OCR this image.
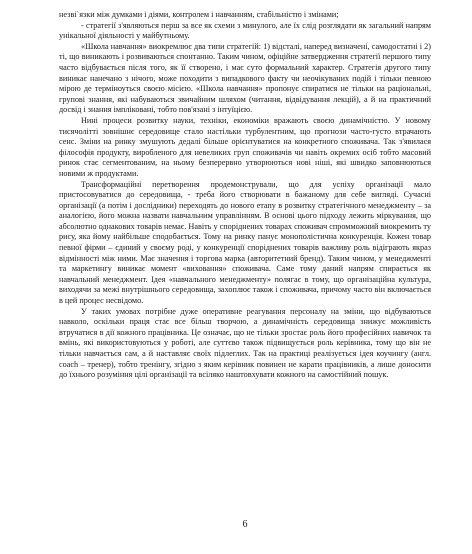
незві`язки між думками і діями, контролем і навчанням, стабільністю і змінами;

- стратегії з'являються перш за все як схеми з минулого, але їх слід розглядати як загальний напрям унікальної діяльності у майбутньому.

«Школа навчання» виокремлює два типи стратегій: 1) відсталі, наперед визначені, самодостатні і 2) ті, що виникають і розвиваються спонтанно. Таким чином, офіційне затвердження стратегії першого типу часто відбувається після того, як її створено, і має суто формальний характер. Стратегія другого типу виникає нанечано з нічого, може походити з випадкового факту чи неочікуваних подій і тільки певною мірою де терміноуться своєю місією. «Школа навчання» пропонує спиратися не тільки на раціональні, групові знання, які набуваються звичайним шляхом (читання, відвідування лекцій), а й на практичний досвід і знання імпліковані, тобто пов'язані з інтуїцією.

Нині процеси розвитку науки, техніки, економіки вражають своєю динамічністю. У новому тисячолітті зовнішнє середовище стало настільки турбулентним, що прогнози часто-густо втрачають сенс. Зміни на ринку змушують дедалі більше орієнтуватися на конкретного споживача. Так з'явилася філософія продукту, виробленого для невеликих груп споживачів чи навіть окремих осіб тобто масовий ринок стає сегментованим, на ньому безперервно утворюються нові ніші, які швидко заповнюються новими ж продуктами.

Трансформаційні перетворення продемонстрували, що для успіху організації мало пристосовуватися до середовища, - треба його створювати в бажаному для себе вигляді. Сучасні організації (а потім і дослідники) переходять до нового етапу в розвитку стратегічного менеджменту – за аналогією, його можна назвати навчальним управлінням. В основі цього підходу лежить міркування, що абсолютно однакових товарів немає. Навіть у споріднених товарах споживач спромможний виокремить ту рису, яка йому найбільше сподобається. Тому на ринку панує монополістична конкуренція. Кожен товар певної фірми – єдиний у своєму роді, у конкуренції споріднених товарів важливу роль відіграють якраз відмінності між ними. Має значення і торгова марка (авторитетний бренд). Таким чином, у менеджменті та маркетингу виникає момент «виховання» споживача. Саме тому даний напрям спирається як навчальний менеджмент. Ідея «навчального менеджменту» полягає в тому, що організаційна культура, виходячи за межі внутрішнього середовища, захоплює також і споживача, причому часто він включається в цей процес несвідомо.

У таких умовах потрібне дуже оперативне реагування персоналу на зміни, що відбуваються навколо, оскільки праця стає все більш творчою, а динамічність середовища знижує можливість втручатися в дії кожного працівника. Це означає, що не тільки зростає роль його професійних навичок та вмінь, які використовуються у роботі, але суттєво також підвищується роль керівника, тому що він не тільки навчається сам, а й наставляє своїх підлеглих. Так на практиці реалізується ідея коучингу (англ. coach – тренер), тобто тренінгу, згідно з яким керівник повинен не карати працівників, а лише доносити до їхнього розуміння цілі організації та всіляко наштовхувати кожного на самостійний пошук.

6
